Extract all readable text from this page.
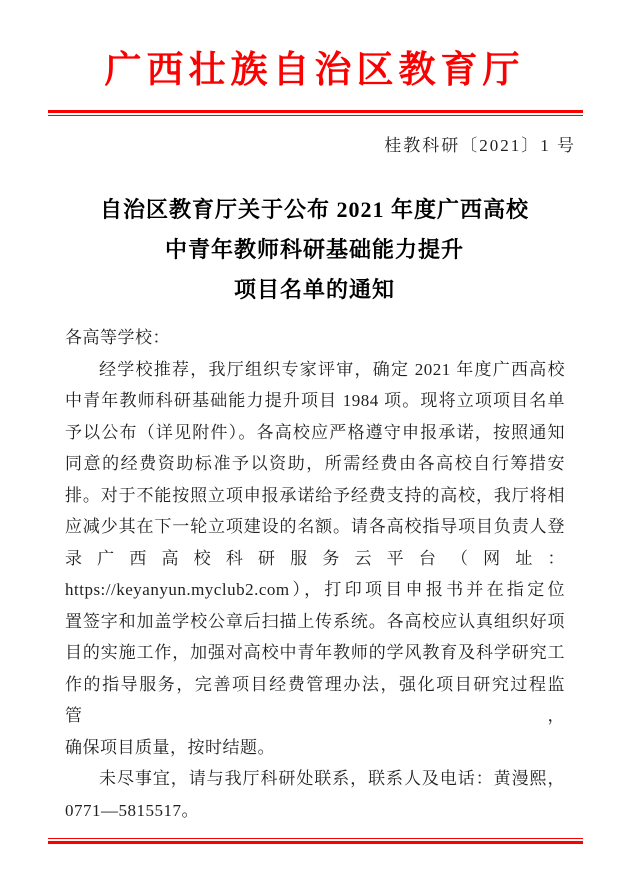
广西壮族自治区教育厅
桂教科研〔2021〕1 号
自治区教育厅关于公布 2021 年度广西高校
中青年教师科研基础能力提升
项目名单的通知
各高等学校：
经学校推荐，我厅组织专家评审，确定 2021 年度广西高校
中青年教师科研基础能力提升项目 1984 项。现将立项项目名单
予以公布（详见附件）。各高校应严格遵守申报承诺，按照通知
同意的经费资助标准予以资助，所需经费由各高校自行筹措安
排。对于不能按照立项申报承诺给予经费支持的高校，我厅将相
应减少其在下一轮立项建设的名额。请各高校指导项目负责人登
录广西高校科研服务云平台（网址：
https://keyanyun.myclub2.com），打印项目申报书并在指定位
置签字和加盖学校公章后扫描上传系统。各高校应认真组织好项
目的实施工作，加强对高校中青年教师的学风教育及科学研究工
作的指导服务，完善项目经费管理办法，强化项目研究过程监管，
确保项目质量，按时结题。
未尽事宜，请与我厅科研处联系，联系人及电话：黄漫熙，
0771—5815517。
